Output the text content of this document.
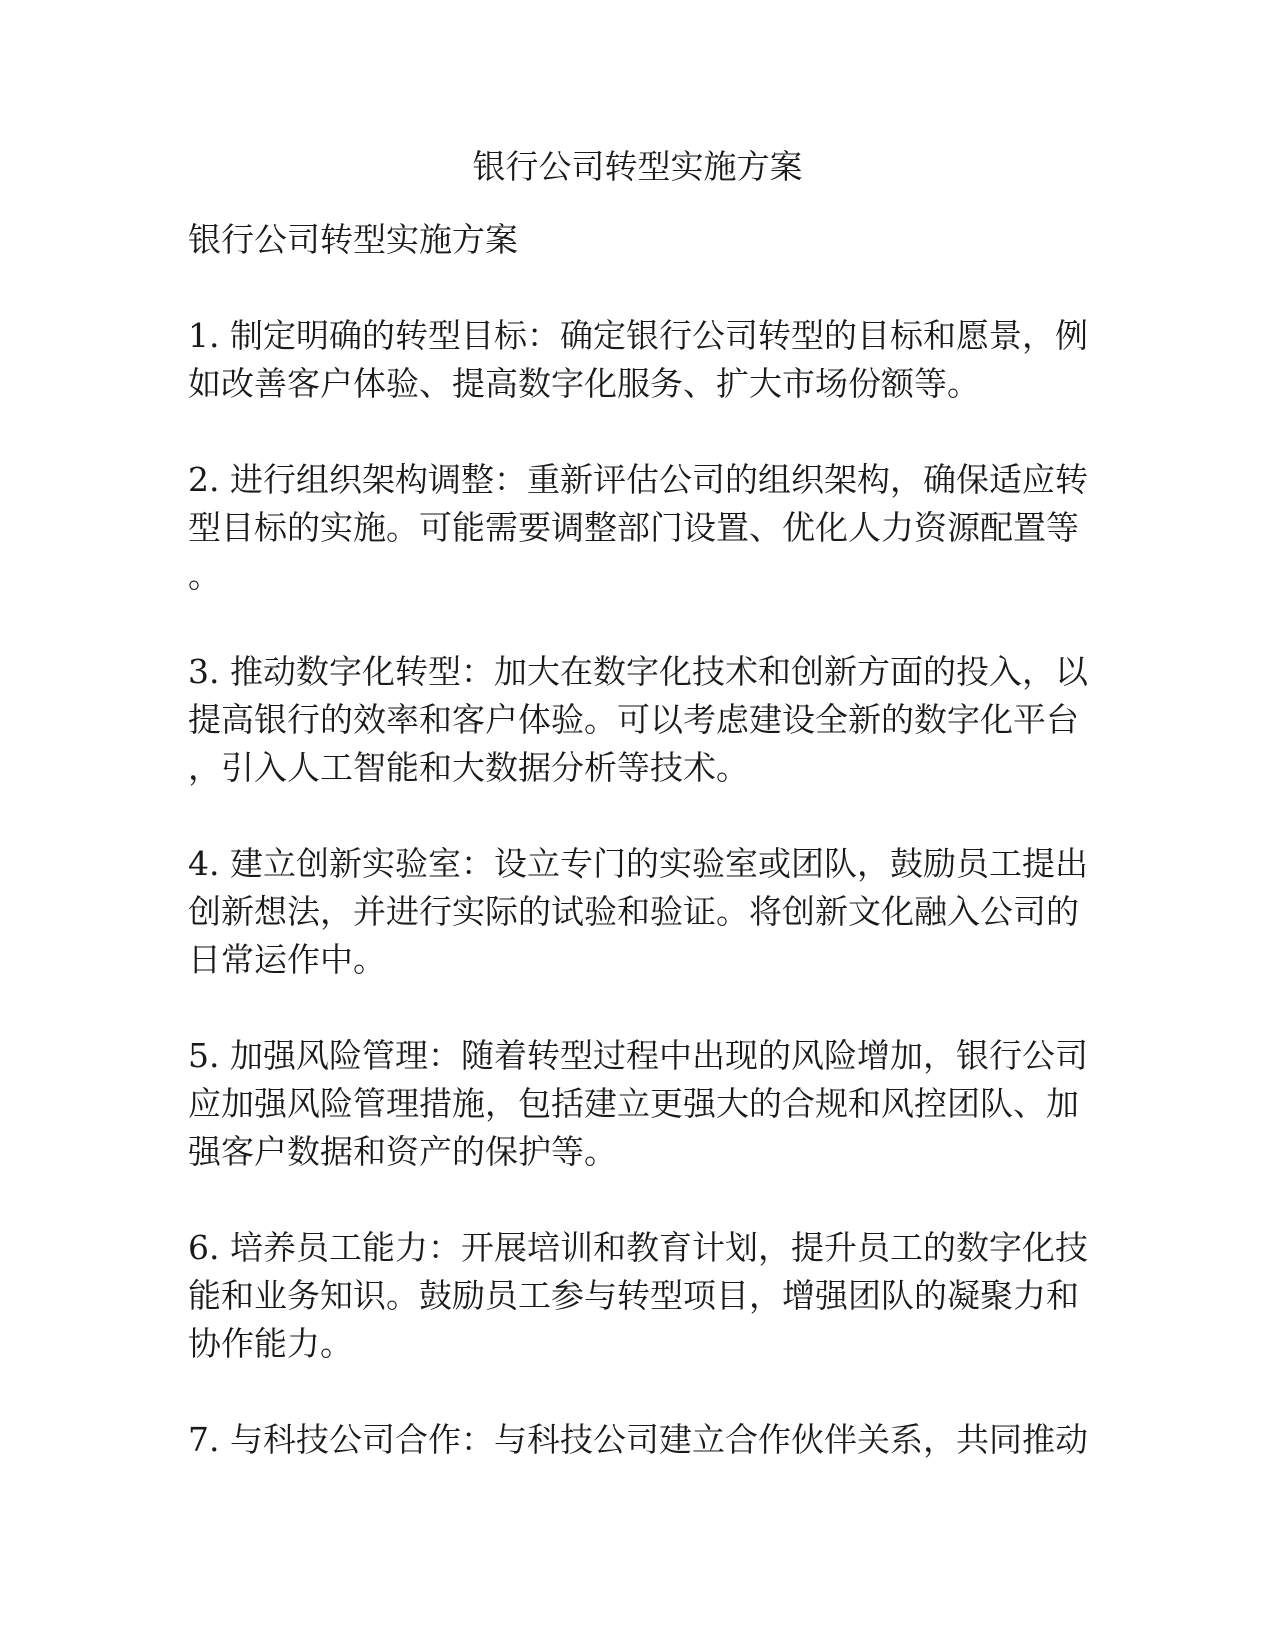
银行公司转型实施方案

银行公司转型实施方案

1. 制定明确的转型目标：确定银行公司转型的目标和愿景，例
如改善客户体验、提高数字化服务、扩大市场份额等。
2. 进行组织架构调整：重新评估公司的组织架构，确保适应转
型目标的实施。可能需要调整部门设置、优化人力资源配置等
。
3. 推动数字化转型：加大在数字化技术和创新方面的投入，以
提高银行的效率和客户体验。可以考虑建设全新的数字化平台
，引入人工智能和大数据分析等技术。
4. 建立创新实验室：设立专门的实验室或团队，鼓励员工提出
创新想法，并进行实际的试验和验证。将创新文化融入公司的
日常运作中。
5. 加强风险管理：随着转型过程中出现的风险增加，银行公司
应加强风险管理措施，包括建立更强大的合规和风控团队、加
强客户数据和资产的保护等。
6. 培养员工能力：开展培训和教育计划，提升员工的数字化技
能和业务知识。鼓励员工参与转型项目，增强团队的凝聚力和
协作能力。
7. 与科技公司合作：与科技公司建立合作伙伴关系，共同推动
